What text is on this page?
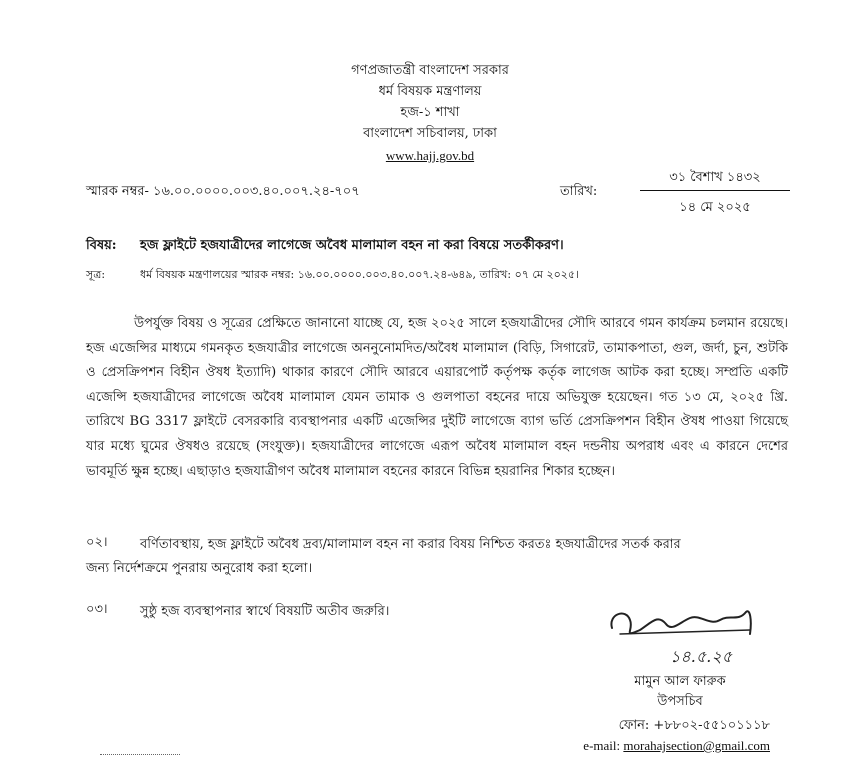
গণপ্রজাতন্ত্রী বাংলাদেশ সরকার
ধর্ম বিষয়ক মন্ত্রণালয়
হজ-১ শাখা
বাংলাদেশ সচিবালয়, ঢাকা
www.hajj.gov.bd
স্মারক নম্বর- ১৬.০০.০০০০.০০৩.৪০.০০৭.২৪-৭০৭	তারিখ:
৩১ বৈশাখ ১৪৩২
১৪ মে ২০২৫
বিষয়: হজ ফ্লাইটে হজযাত্রীদের লাগেজে অবৈধ মালামাল বহন না করা বিষয়ে সতর্কীকরণ।
সূত্র:	ধর্ম বিষয়ক মন্ত্রণালয়ের স্মারক নম্বর: ১৬.০০.০০০০.০০৩.৪০.০০৭.২৪-৬৪৯, তারিখ: ০৭ মে ২০২৫।
উপর্যুক্ত বিষয় ও সূত্রের প্রেক্ষিতে জানানো যাচ্ছে যে, হজ ২০২৫ সালে হজযাত্রীদের সৌদি আরবে গমন কার্যক্রম চলমান রয়েছে। হজ এজেন্সির মাধ্যমে গমনকৃত হজযাত্রীর লাগেজে অননুনোমদিত/অবৈধ মালামাল (বিড়ি, সিগারেট, তামাকপাতা, গুল, জর্দা, চুন, শুটকি ও প্রেসক্রিপশন বিহীন ঔষধ ইত্যাদি) থাকার কারণে সৌদি আরবে এয়ারপোর্ট কর্তৃপক্ষ কর্তৃক লাগেজ আটক করা হচ্ছে। সম্প্রতি একটি এজেন্সি হজযাত্রীদের লাগেজে অবৈধ মালামাল যেমন তামাক ও গুলপাতা বহনের দায়ে অভিযুক্ত হয়েছেন। গত ১৩ মে, ২০২৫ খ্রি. তারিখে BG 3317 ফ্লাইটে বেসরকারি ব্যবস্থাপনার একটি এজেন্সির দুইটি লাগেজে ব্যাগ ভর্তি প্রেসক্রিপশন বিহীন ঔষধ পাওয়া গিয়েছে যার মধ্যে ঘুমের ঔষধও রয়েছে (সংযুক্ত)। হজযাত্রীদের লাগেজে এরূপ অবৈধ মালামাল বহন দন্ডনীয় অপরাধ এবং এ কারনে দেশের ভাবমূর্তি ক্ষুন্ন হচ্ছে। এছাড়াও হজযাত্রীগণ অবৈধ মালামাল বহনের কারনে বিভিন্ন হয়রানির শিকার হচ্ছেন।
০২। বর্ণিতাবস্থায়, হজ ফ্লাইটে অবৈধ দ্রব্য/মালামাল বহন না করার বিষয় নিশ্চিত করতঃ হজযাত্রীদের সতর্ক করার
জন্য নির্দেশক্রমে পুনরায় অনুরোধ করা হলো।
০৩। সুষ্ঠু হজ ব্যবস্থাপনার স্বার্থে বিষয়টি অতীব জরুরি।
১৪.৫.২৫
মামুন আল ফারুক
উপসচিব
ফোন: +৮৮০২-৫৫১০১১১৮
e-mail: morahajsection@gmail.com
